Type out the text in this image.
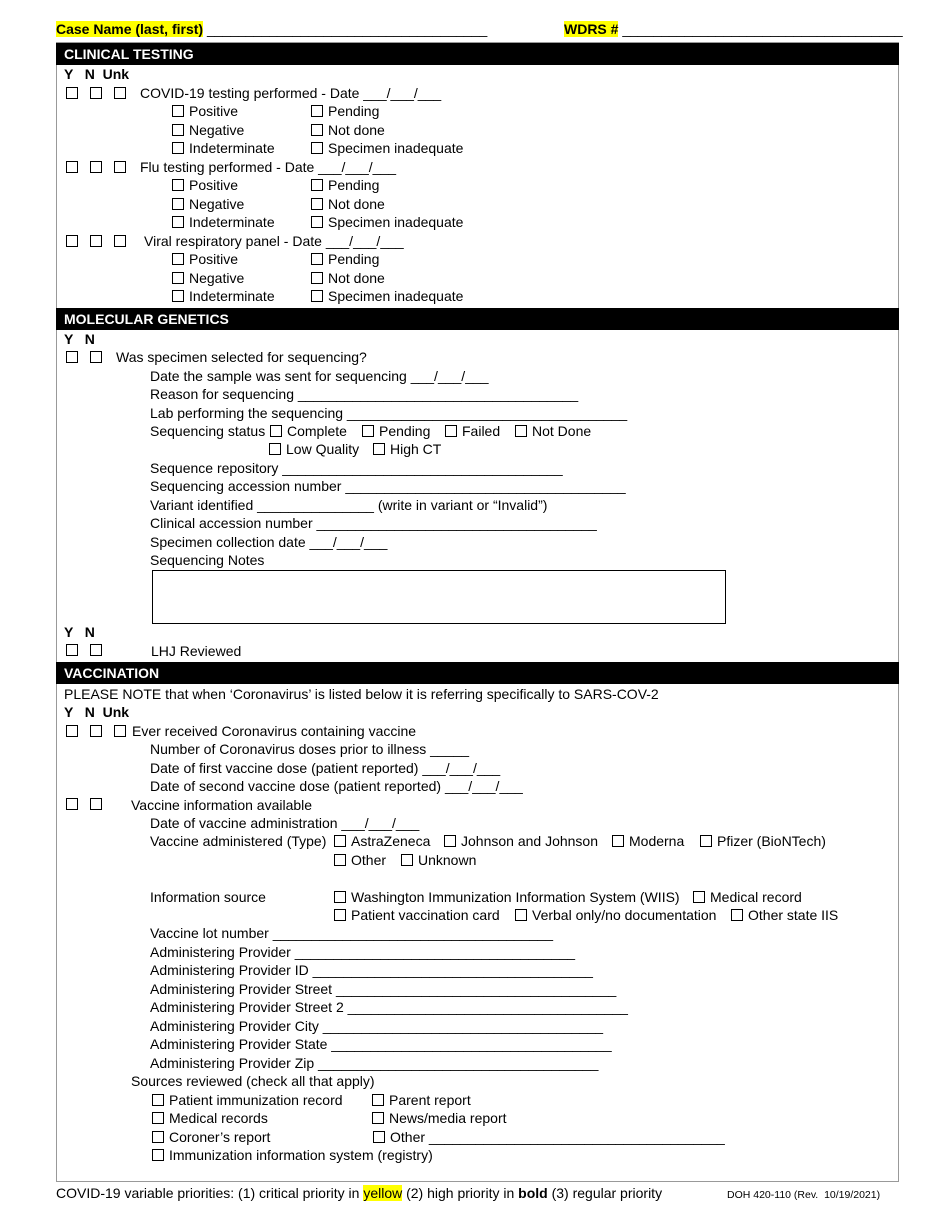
Case Name (last, first) ____________________________________	WDRS # ____________________________________
CLINICAL TESTING
Y   N  Unk
COVID-19 testing performed - Date ___/___/___
Positive	Pending
Negative	Not done
Indeterminate	Specimen inadequate
Flu testing performed - Date ___/___/___
Positive	Pending
Negative	Not done
Indeterminate	Specimen inadequate
Viral respiratory panel - Date ___/___/___
Positive	Pending
Negative	Not done
Indeterminate	Specimen inadequate
MOLECULAR GENETICS
Y   N
Was specimen selected for sequencing?
Date the sample was sent for sequencing ___/___/___
Reason for sequencing ____________________________________
Lab performing the sequencing ____________________________________
Sequencing status	Complete	Pending	Failed	Not Done
Low Quality	High CT
Sequence repository ____________________________________
Sequencing accession number ____________________________________
Variant identified _______________ (write in variant or “Invalid”)
Clinical accession number ____________________________________
Specimen collection date ___/___/___
Sequencing Notes
Y   N
LHJ Reviewed
VACCINATION
PLEASE NOTE that when ‘Coronavirus’ is listed below it is referring specifically to SARS-COV-2
Y   N  Unk
Ever received Coronavirus containing vaccine
Number of Coronavirus doses prior to illness _____
Date of first vaccine dose (patient reported) ___/___/___
Date of second vaccine dose (patient reported) ___/___/___
Vaccine information available
Date of vaccine administration ___/___/___
Vaccine administered (Type)	AstraZeneca	Johnson and Johnson	Moderna	Pfizer (BioNTech)
Other	Unknown
Information source	Washington Immunization Information System (WIIS)	Medical record
Patient vaccination card	Verbal only/no documentation	Other state IIS
Vaccine lot number ____________________________________
Administering Provider ____________________________________
Administering Provider ID ____________________________________
Administering Provider Street ____________________________________
Administering Provider Street 2 ____________________________________
Administering Provider City ____________________________________
Administering Provider State ____________________________________
Administering Provider Zip ____________________________________
Sources reviewed (check all that apply)
Patient immunization record	Parent report
Medical records	News/media report
Coroner’s report	Other ______________________________________
Immunization information system (registry)
COVID-19 variable priorities: (1) critical priority in yellow (2) high priority in bold (3) regular priority	DOH 420-110 (Rev.  10/19/2021)
